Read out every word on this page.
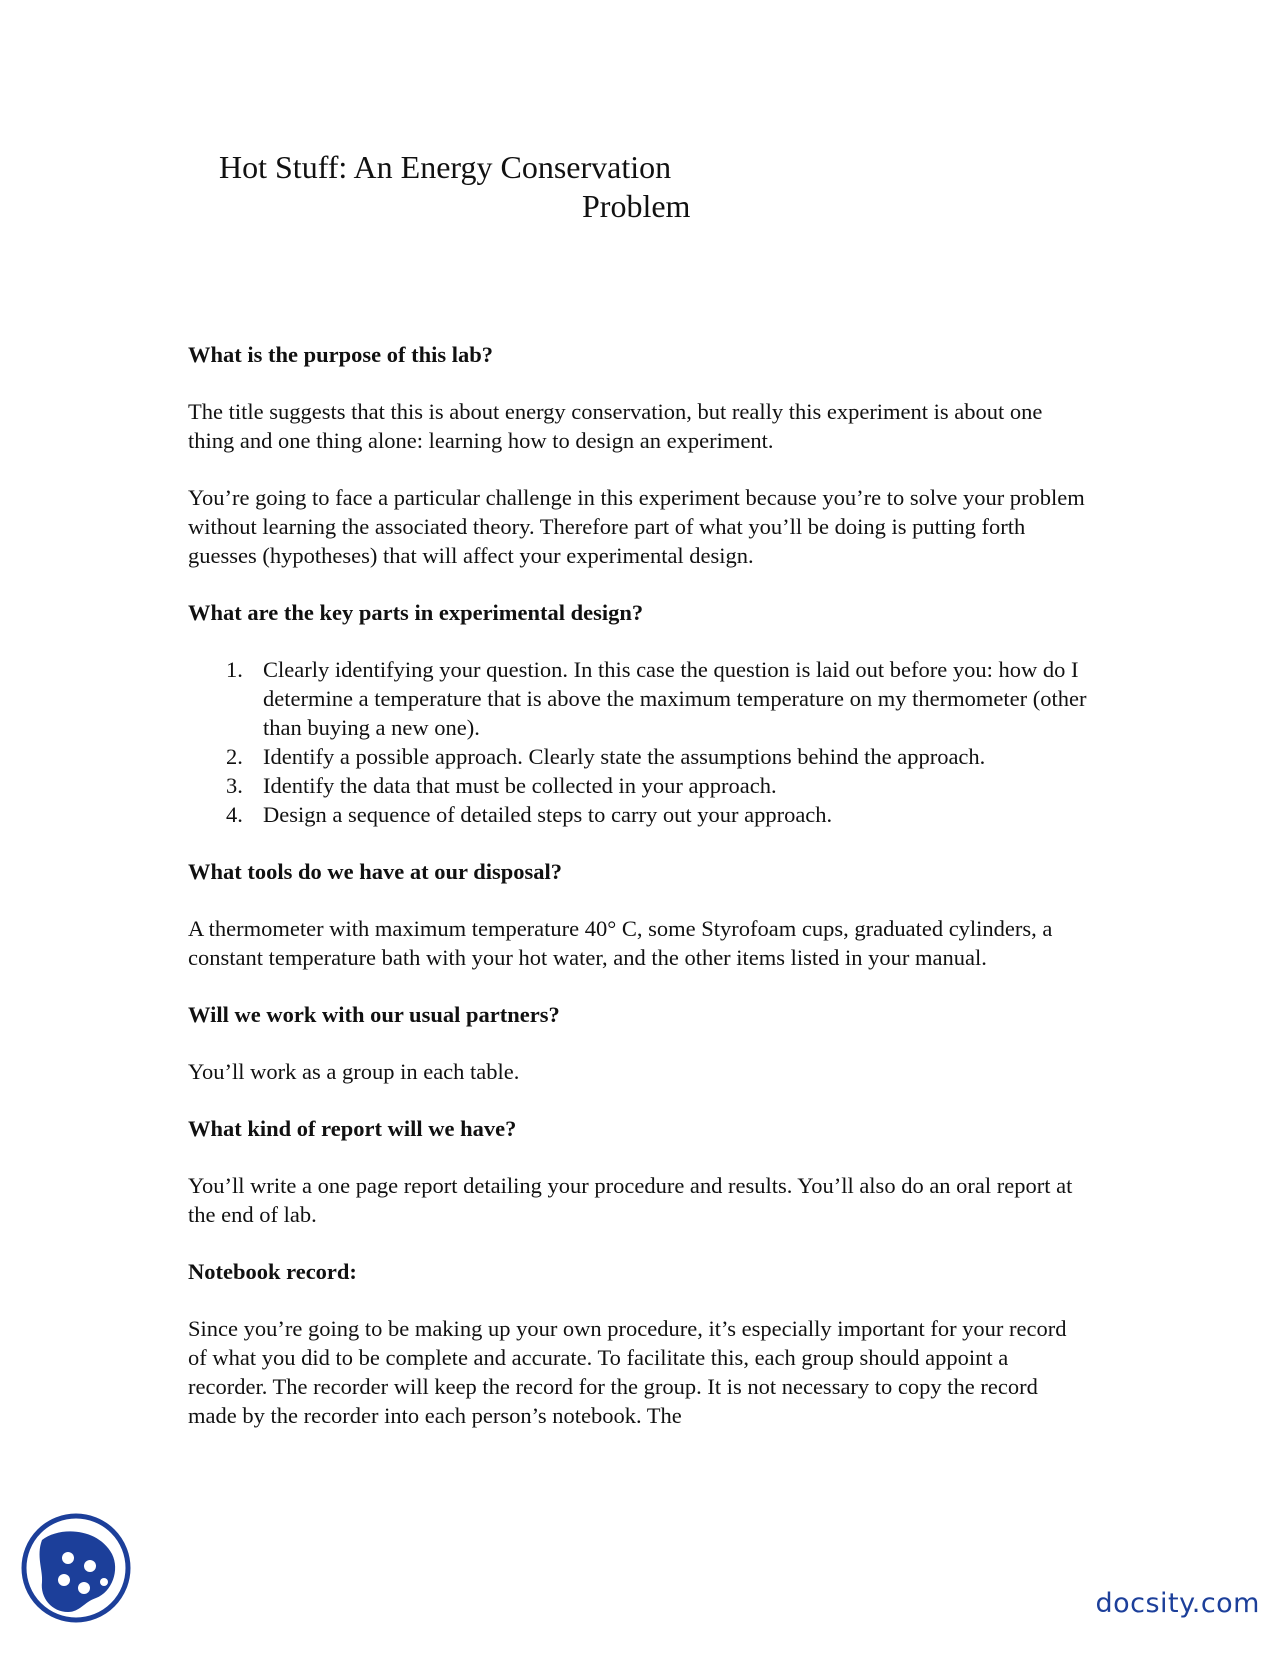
Hot Stuff: An Energy Conservation
Problem

What is the purpose of this lab?

The title suggests that this is about energy conservation, but really this experiment is about one thing and one thing alone: learning how to design an experiment.

You’re going to face a particular challenge in this experiment because you’re to solve your problem without learning the associated theory. Therefore part of what you’ll be doing is putting forth guesses (hypotheses) that will affect your experimental design.

What are the key parts in experimental design?

1. Clearly identifying your question. In this case the question is laid out before you: how do I determine a temperature that is above the maximum temperature on my thermometer (other than buying a new one).
2. Identify a possible approach. Clearly state the assumptions behind the approach.
3. Identify the data that must be collected in your approach.
4. Design a sequence of detailed steps to carry out your approach.

What tools do we have at our disposal?

A thermometer with maximum temperature 40° C, some Styrofoam cups, graduated cylinders, a constant temperature bath with your hot water, and the other items listed in your manual.

Will we work with our usual partners?

You’ll work as a group in each table.

What kind of report will we have?

You’ll write a one page report detailing your procedure and results. You’ll also do an oral report at the end of lab.

Notebook record:

Since you’re going to be making up your own procedure, it’s especially important for your record of what you did to be complete and accurate. To facilitate this, each group should appoint a recorder. The recorder will keep the record for the group. It is not necessary to copy the record made by the recorder into each person’s notebook. The

docsity.com
